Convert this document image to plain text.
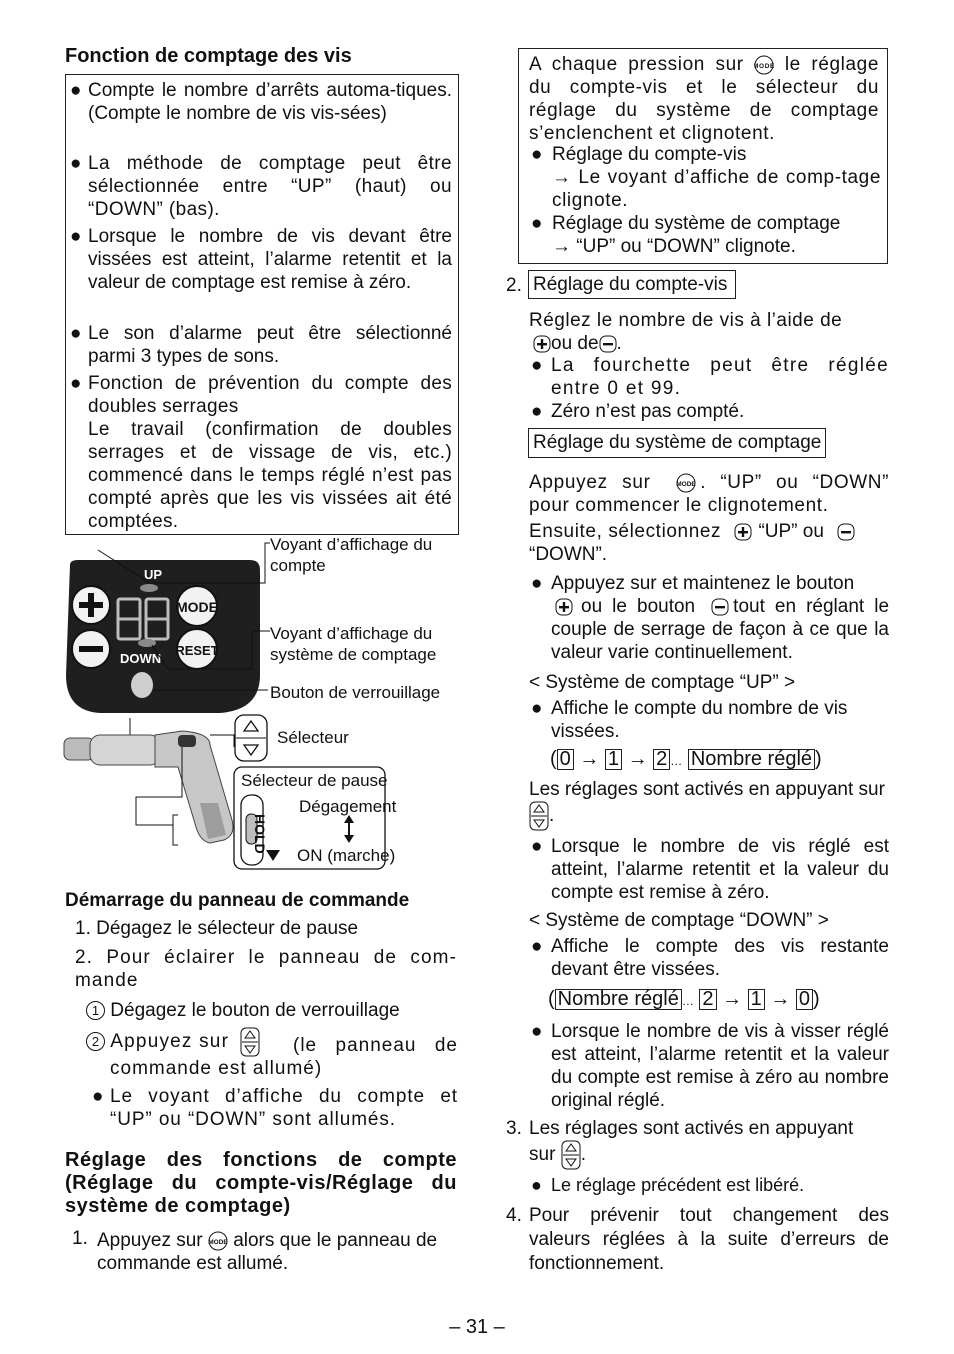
Fonction de comptage des vis
● Compte le nombre d’arrêts automa-tiques. (Compte le nombre de vis vis-sées)
● La méthode de comptage peut être sélectionnée entre “UP” (haut) ou “DOWN” (bas).
● Lorsque le nombre de vis devant être vissées est atteint, l’alarme retentit et la valeur de comptage est remise à zéro.
● Le son d’alarme peut être sélectionné parmi 3 types de sons.
● Fonction de prévention du compte des doubles serrages
Le travail (confirmation de doubles serrages et de vissage de vis, etc.) commencé dans le temps réglé n’est pas compté après que les vis vissées ait été comptées.
UP
DOWN
MODE
RESET
HOLD
Voyant d’affichage du compte
Voyant d’affichage du système de comptage
Bouton de verrouillage
Sélecteur
Sélecteur de pause
Dégagement
ON (marche)
Démarrage du panneau de commande
1. Dégagez le sélecteur de pause
2. Pour éclairer le panneau de com-mande
1 Dégagez le bouton de verrouillage
2 Appuyez sur	(le panneau de commande est allumé)
● Le voyant d’affiche du compte et “UP” ou “DOWN” sont allumés.
Réglage des fonctions de compte (Réglage du compte-vis/Réglage du système de comptage)
1. Appuyez sur MODE alors que le panneau de commande est allumé.
A chaque pression sur MODE le réglage du compte-vis et le sélecteur du réglage du système de comptage s’enclenchent et clignotent.
● Réglage du compte-vis
→ Le voyant d’affiche de comp-tage clignote.
● Réglage du système de comptage
→ “UP” ou “DOWN” clignote.
2. Réglage du compte-vis
Réglez le nombre de vis à l’aide de
ou de .
● La fourchette peut être réglée entre 0 et 99.
● Zéro n’est pas compté.
Réglage du système de comptage
Appuyez sur	MODE . “UP” ou “DOWN” pour commencer le clignotement.
Ensuite, sélectionnez “UP” ou
“DOWN”.
● Appuyez sur et maintenez le bouton
ou le bouton tout en réglant le couple de serrage de façon à ce que la valeur varie continuellement.
< Système de comptage “UP” >
● Affiche le compte du nombre de vis vissées.
( 0 → 1 → 2 … Nombre réglé )
Les réglages sont activés en appuyant sur .
● Lorsque le nombre de vis réglé est atteint, l’alarme retentit et la valeur du compte est remise à zéro.
< Système de comptage “DOWN” >
● Affiche le compte des vis restante devant être vissées.
( Nombre réglé … 2 → 1 → 0 )
● Lorsque le nombre de vis à visser réglé est atteint, l’alarme retentit et la valeur du compte est remise à zéro au nombre original réglé.
3. Les réglages sont activés en appuyant
sur .
● Le réglage précédent est libéré.
4. Pour prévenir tout changement des valeurs réglées à la suite d’erreurs de fonctionnement.
– 31 –
